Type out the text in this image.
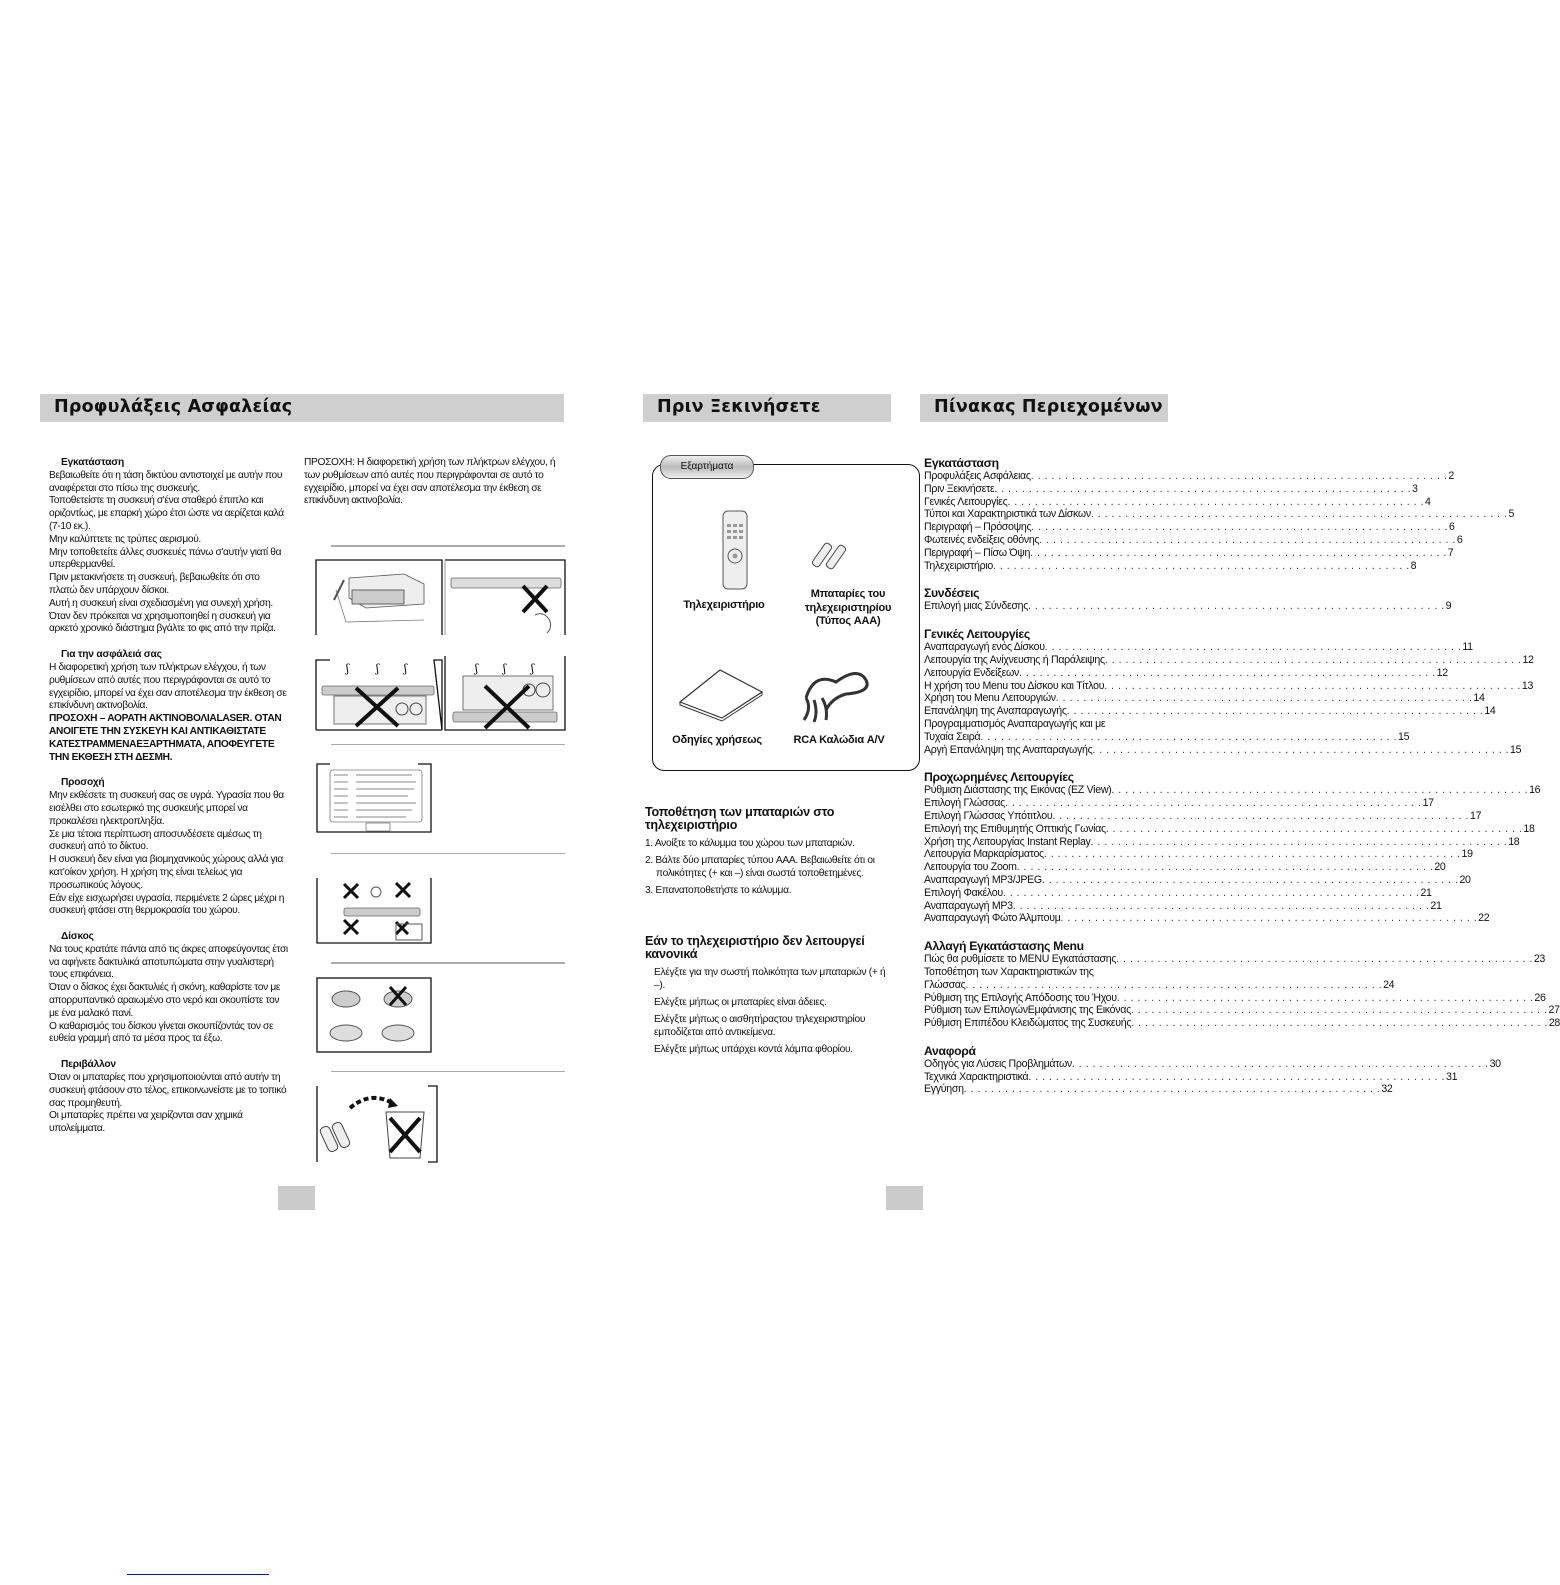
Προφυλάξεις Ασφαλείας
Εγκατάσταση

Βεβαιωθείτε ότι η τάση δικτύου αντιστοιχεί με αυτήν που αναφέρεται στο πίσω της συσκευής.

Τοποθετείστε τη συσκευή σ'ένα σταθερό έπιπλο και οριζοντίως, με επαρκή χώρο έτσι ώστε να αερίζεται καλά (7-10 εκ.).

Μην καλύπτετε τις τρύπες αερισμού.

Μην τοποθετείτε άλλες συσκευές πάνω σ'αυτήν γιατί θα υπερθερμανθεί.

Πριν μετακινήσετε τη συσκευή, βεβαιωθείτε ότι στο πλατώ δεν υπάρχουν δίσκοι.

Αυτή η συσκευή είναι σχεδιασμένη για συνεχή χρήση.

Όταν δεν πρόκειται να χρησιμοποιηθεί η συσκευή για αρκετό χρονικό διάστημα βγάλτε το φις από την πρίζα.

Για την ασφάλειά σας

Η διαφορετική χρήση των πλήκτρων ελέγχου, ή των ρυθμίσεων από αυτές που περιγράφονται σε αυτό το εγχειρίδιο, μπορεί να έχει σαν αποτέλεσμα την έκθεση σε επικίνδυνη ακτινοβολία.

ΠΡΟΣΟΧΗ – ΑΟΡΑΤΗ ΑΚΤΙΝΟΒΟΛΙΑLASER. ΟΤΑΝ ΑΝΟΙΓΕΤΕ ΤΗΝ ΣΥΣΚΕΥΗ ΚΑΙ ΑΝΤΙΚΑΘΙΣΤΑΤΕ ΚΑΤΕΣΤΡΑΜΜΕΝΑΕΞΑΡΤΗΜΑΤΑ, ΑΠΟΦΕΥΓΕΤΕ ΤΗΝ ΕΚΘΕΣΗ ΣΤΗ ΔΕΣΜΗ.

Προσοχή

Μην εκθέσετε τη συσκευή σας σε υγρά. Υγρασία που θα εισέλθει στο εσωτερικό της συσκευής μπορεί να προκαλέσει ηλεκτροπληξία.

Σε μια τέτοια περίπτωση αποσυνδέσετε αμέσως τη συσκευή από το δίκτυο.

Η συσκευή δεν είναι για βιομηχανικούς χώρους αλλά για κατ'οίκον χρήση. Η χρήση της είναι τελείως για προσωπικούς λόγους.

Εάν είχε εισχωρήσει υγρασία, περιμένετε 2 ώρες μέχρι η συσκευή φτάσει στη θερμοκρασία του χώρου.

Δίσκος

Να τους κρατάτε πάντα από τις άκρες αποφεύγοντας έτσι να αφήνετε δακτυλικά αποτυπώματα στην γυαλιστερή τους επιφάνεια.

Όταν ο δίσκος έχει δακτυλιές ή σκόνη, καθαρίστε τον με απορρυπαντικό αραιωμένο στο νερό και σκουπίστε τον με ένα μαλακό πανί.

Ο καθαρισμός του δίσκου γίνεται σκουπίζοντάς τον σε ευθεία γραμμή από τα μέσα προς τα έξω.

Περιβάλλον

Όταν οι μπαταρίες που χρησιμοποιούνται από αυτήν τη συσκευή φτάσουν στο τέλος, επικοινωνείστε με το τοπικό σας προμηθευτή.

Οι μπαταρίες πρέπει να χειρίζονται σαν χημικά υπολείμματα.

ΠΡΟΣΟΧΗ: Η διαφορετική χρήση των πλήκτρων ελέγχου, ή των ρυθμίσεων από αυτές που περιγράφονται σε αυτό το εγχειρίδιο, μπορεί να έχει σαν αποτέλεσμα την έκθεση σε επικίνδυνη ακτινοβολία.

ʃ ʃ ʃ	ʃ ʃ ʃ
Πριν Ξεκινήσετε
Εξαρτήματα
Τηλεχειριστήριο
Μπαταρίες του τηλεχειριστηρίου (Τύπος AAA)
Οδηγίες χρήσεως	RCA Καλώδια A/V
Τοποθέτηση των μπαταριών στο τηλεχειριστήριο
1. Ανοίξτε το κάλυμμα του χώρου των μπαταριών.
2. Βάλτε δύο μπαταρίες τύπου AAA. Βεβαιωθείτε ότι οι πολικότητες (+ και –) είναι σωστά τοποθετημένες.
3. Επανατοποθετήστε το κάλυμμα.
Εάν το τηλεχειριστήριο δεν λειτουργεί κανονικά
Ελέγξτε για την σωστή πολικότητα των μπαταριών (+ ή –).
Ελέγξτε μήπως οι μπαταρίες είναι άδειες.
Ελέγξτε μήπως ο αισθητήραςτου τηλεχειριστηρίου εμποδίζεται από αντικείμενα.
Ελέγξτε μήπως υπάρχει κοντά λάμπα φθορίου.
Πίνακας Περιεχομένων
Εγκατάσταση
Προφυλάξεις Ασφάλειας . . .	2
Πριν Ξεκινήσετε . . .	3
Γενικές Λειτουργίες . . .	4
Τύποι και Χαρακτηριστικά των Δίσκων . . .	5
Περιγραφή – Πρόσοψης . . .	6
Φωτεινές ενδείξεις οθόνης . . .	6
Περιγραφή – Πίσω Όψη . . .	7
Τηλεχειριστήριο . . .	8
Συνδέσεις
Επιλογή μιας Σύνδεσης . . .	9
Γενικές Λειτουργίες
Αναπαραγωγή ενός Δίσκου . . .	11
Λειτουργία της Ανίχνευσης ή Παράλειψης . . .	12
Λειτουργία Ενδείξεων . . .	12
Η χρήση του Menu του Δίσκου και Τίτλου . . .	13
Χρήση του Menu Λειτουργιών . . .	14
Επανάληψη της Αναπαραγωγής . . .	14
Προγραμματισμός Αναπαραγωγής και με
Τυχαία Σειρά . . .	15
Αργή Επανάληψη της Αναπαραγωγής . . .	15
Προχωρημένες Λειτουργίες
Ρύθμιση Διάστασης της Εικόνας (EZ View) . . .	16
Επιλογή Γλώσσας . . .	17
Επιλογή Γλώσσας Υπότιτλου . . .	17
Επιλογή της Επιθυμητής Οπτικής Γωνίας . . .	18
Χρήση της Λειτουργίας Instant Replay . . .	18
Λειτουργία Μαρκαρίσματος . . .	19
Λειτουργία του Zoom . . .	20
Αναπαραγωγή MP3/JPEG . . .	20
Επιλογή Φακέλου . . .	21
Αναπαραγωγή MP3 . . .	21
Αναπαραγωγή Φώτο Άλμπουμ . . .	22
Αλλαγή Εγκατάστασης Menu
Πώς θα ρυθμίσετε το MENU Εγκατάστασης . . .	23
Τοποθέτηση των Χαρακτηριστικών της
Γλώσσας . . .	24
Ρύθμιση της Επιλογής Απόδοσης του Ήχου . . .	26
Ρύθμιση των ΕπιλογώνΕμφάνισης της Εικόνας . . .	27
Ρύθμιση Επιπέδου Κλειδώματος της Συσκευής . . .	28
Αναφορά
Οδηγός για Λύσεις Προβλημάτων . . .	30
Τεχνικά Χαρακτηριστικά . . .	31
Εγγύηση . . .	32
